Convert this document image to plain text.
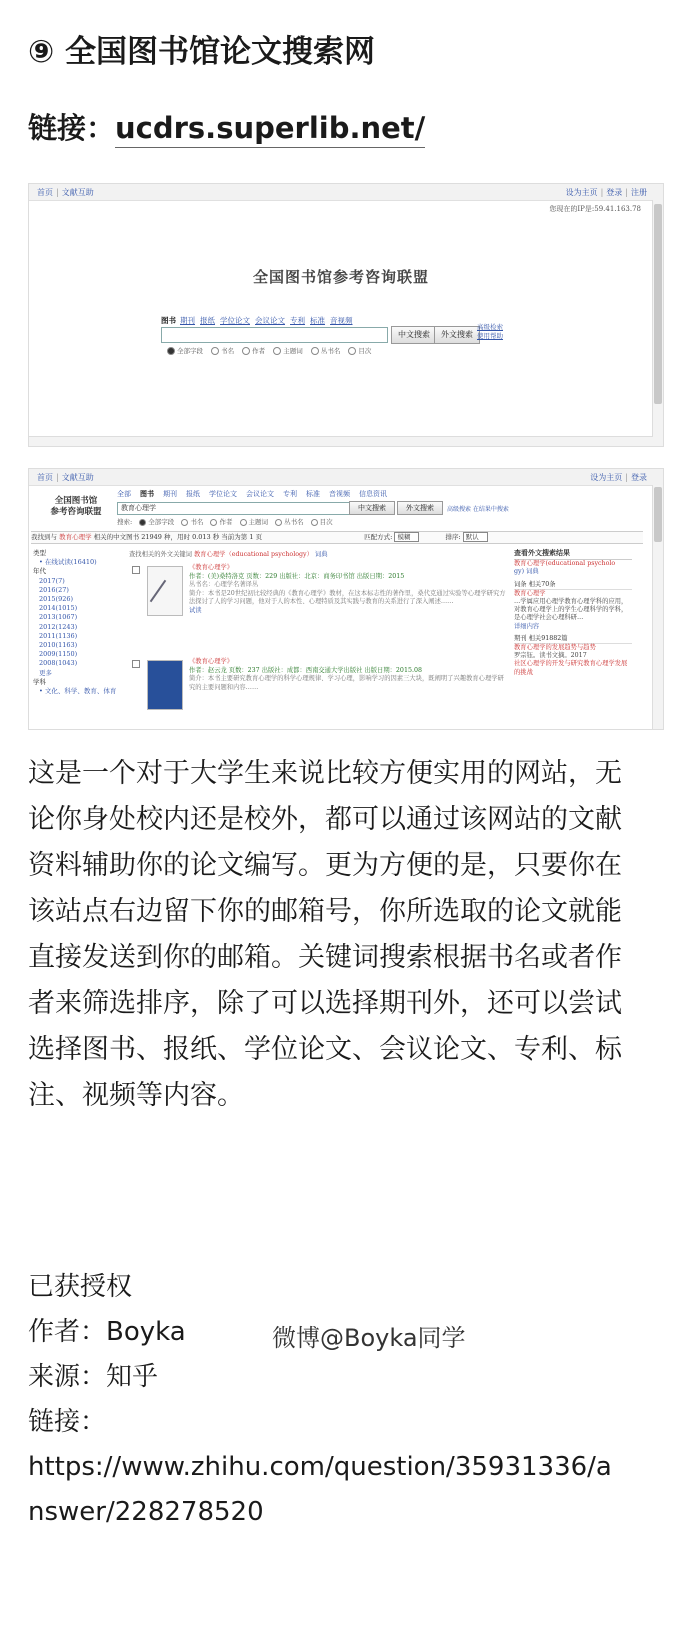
⑨ 全国图书馆论文搜索网
链接：ucdrs.superlib.net/
首页 | 文献互助	设为主页 | 登录 | 注册
您现在的IP是:59.41.163.78
全国图书馆参考咨询联盟
图书 期刊 报纸 学位论文 会议论文 专利 标准 音视频
中文搜索	外文搜索
高级检索
使用帮助
全部字段	书名	作者	主题词	丛书名	目次
首页 | 文献互助	设为主页 | 登录
全国图书馆
参考咨询联盟
全部 图书 期刊 报纸 学位论文 会议论文 专利 标准 音视频 信息资讯
教育心理学	中文搜索	外文搜索	高级搜索 在结果中搜索
搜索: 全部字段 书名 作者 主题词 丛书名 目次
我找到与 教育心理学 相关的中文图书 21949 种，用时 0.013 秒 当前为第 1 页	匹配方式: 模糊	排序: 默认
类型
• 在线试读(16410)
年代
2017(7)
2016(27)
2015(926)
2014(1015)
2013(1067)
2012(1243)
2011(1136)
2010(1163)
2009(1150)
2008(1043)
更多
学科
• 文化、科学、教育、体育
查找相关的外文关键词 教育心理学（educational psychology） 词典
《教育心理学》
作者：(美)桑特洛克 页数：229 出版社：北京：商务印书馆 出版日期：2015
丛书名：心理学名著译丛
简介：本书是20世纪初比较经典的《教育心理学》教材，在这本标志性的著作里，桑代克通过实验等心理学研究方法探讨了人的学习问题，他对于人的本性、心理特质及其实践与教育的关系进行了深入阐述……
试读
《教育心理学》
作者：赵云龙 页数：237 出版社：成都：西南交通大学出版社 出版日期：2015.08
简介：本书主要研究教育心理学的科学心理规律、学习心理，影响学习的因素三大块，既阐明了兴趣教育心理学研究的主要问题和内容……
查看外文搜索结果
教育心理学(educational psycholo
gy) 词典
词条 相关70条
教育心理学
…学属应用心理学教育心理学科的应用，对教育心理学上的学生心理科学的学科，是心理学社会心理科研…
详细内容
期刊 相关91882篇
教育心理学的发展趋势与趋势
罗宗钰。读书文摘。2017
社区心理学的开发与研究教育心理学发展的挑战

这是一个对于大学生来说比较方便实用的网站，无论你身处校内还是校外，都可以通过该网站的文献资料辅助你的论文编写。更为方便的是，只要你在该站点右边留下你的邮箱号，你所选取的论文就能直接发送到你的邮箱。关键词搜索根据书名或者作者来筛选排序，除了可以选择期刊外，还可以尝试选择图书、报纸、学位论文、会议论文、专利、标注、视频等内容。

已获授权

作者：Boyka

来源：知乎

链接：

https://www.zhihu.com/question/35931336/a

nswer/228278520

微博@Boyka同学
